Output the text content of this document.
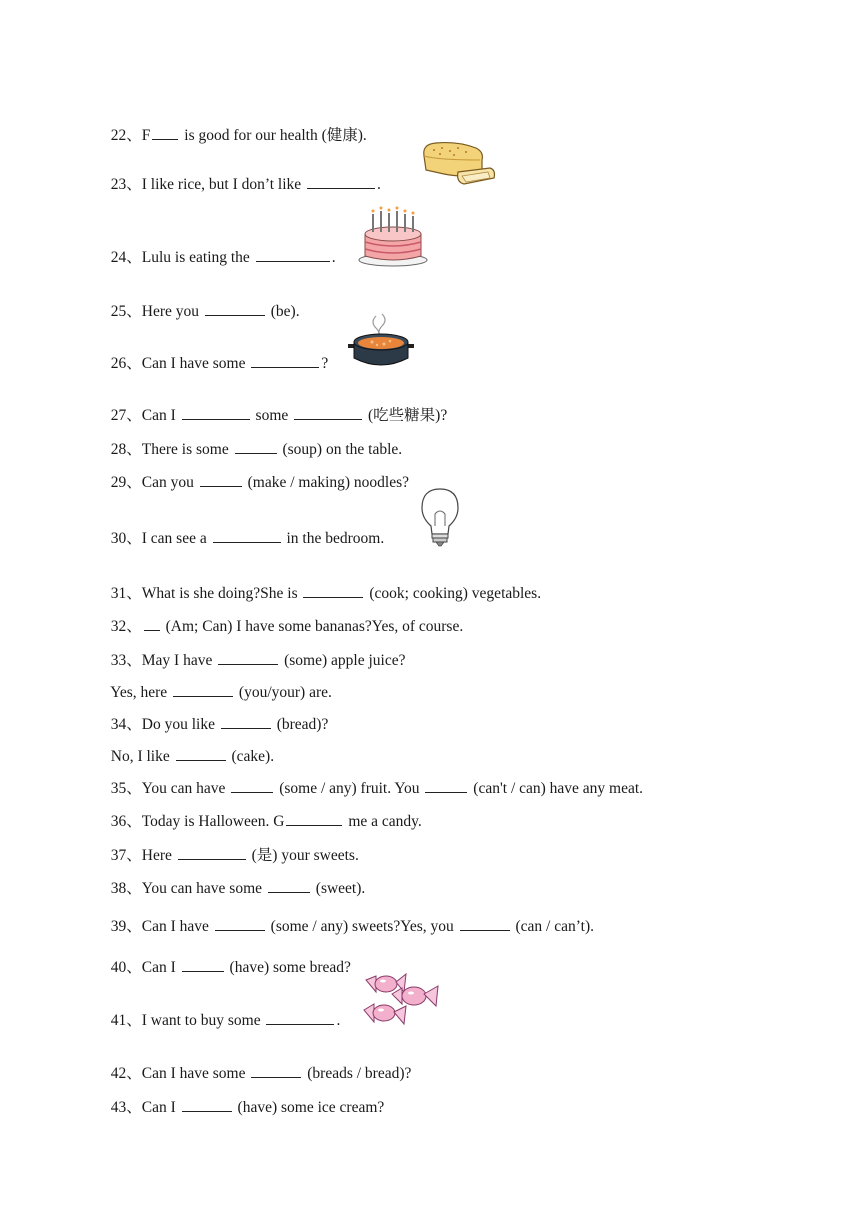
22、F is good for our health (健康).

23、I like rice, but I don’t like	.

24、Lulu is eating the	.

25、Here you	(be).

26、Can I have some	?

27、Can I	some	(吃些糖果)?

28、There is some	(soup) on the table.

29、Can you	(make / making) noodles?

30、I can see a	in the bedroom.

31、What is she doing?She is	(cook; cooking) vegetables.

32、 (Am; Can) I have some bananas?Yes, of course.

33、May I have	(some) apple juice?

Yes, here	(you/your) are.

34、Do you like	(bread)?

No, I like	(cake).

35、You can have	(some / any) fruit. You	(can't / can) have any meat.

36、Today is Halloween. G	me a candy.

37、Here	(是) your sweets.

38、You can have some	(sweet).

39、Can I have	(some / any) sweets?Yes, you	(can / can’t).

40、Can I	(have) some bread?

41、I want to buy some	.

42、Can I have some	(breads / bread)?

43、Can I	(have) some ice cream?
